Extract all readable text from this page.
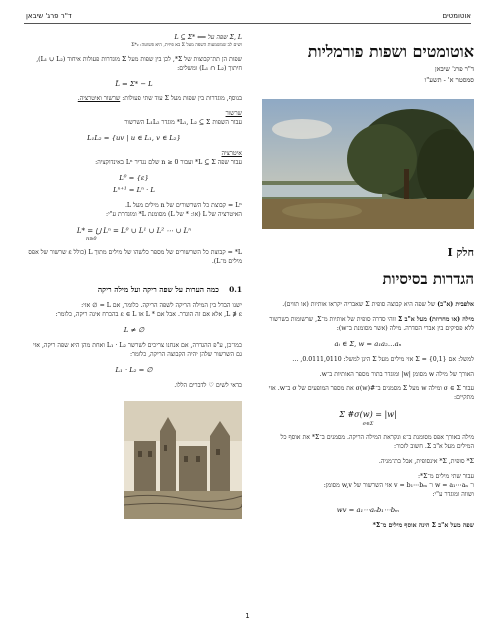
ד"ר פרג' שיבאן	אוטומטים
אוטומטים ושפות פורמליות
ד"ר פרג' שיבאן
סמסטר א' - תשע"ו
חלק I
הגדרות בסיסיות
אלפבית (א"ב) של שפה היא קבוצה סופית Σ שאבריה יקראו אותיות (או תווים).
מילה (או מחרוזת) מעל א"ב Σ זוהי סדרה סופית של אותיות מ־Σ, שרשומות בשרשור ללא פסיקים בין אברי הסדרה. מילה (אשר מסומנת ב־w):
aᵢ ∈ Σ, w = a₁a₂…aₙ
למשל: אם Σ = {0,1} אזי מילים מעל Σ הינן למשל: 0.0111,0110, …
האורך של מילה w מסומן |w| ומוגדר בתור מספר האותיות ב־w.
עבור σ ∈ Σ ומילה w מעל Σ מסמנים ב־#σ(w) את מספר המופעים של σ ב־w. אזי מתקיים:
Σ #σ(w) = |w|
σ∈Σ
מילה באורך אפס מסומנת ב־ε ונקראת המילה הריקה. מסמנים ב־Σ* את אוסף כל המילים מעל א"ב Σ. חשוב לזכור:
Σ* סופית, Σ* אינסופית, אבל בת־מניה.
עבור שתי מילים מ־Σ*:
ו־ w = a₁⋯aₙ ו־ v = b₁⋯bₘ אזי השרשור של w,v מסומן:
ושווה ומוגדר ע"י:
wv = a₁⋯aₙb₁⋯bₘ
שפה מעל א"ב Σ הינה אוסף מילים מ־Σ*
L ⊆ Σ* ⟸ שפה על Σ, L
ושים לב שמשמעות השפה מעל Σ בא פיזית, היא פשוטה: Σ*₂
שפות הן תת־קבוצות של Σ*, לכן בין שפות מעל Σ מוגדרות פעולות איחוד (L₁ ∪ L₂), חיתוך (L₁ ∩ L₂) ומשלים:
L̄ = Σ* − L
בנוסף, מוגדרות בין שפות מעל Σ עוד שתי פעולות: שרשור ואיטרציה.
שרשור
עבור השפות L₁, L₂ ⊆ Σ* מוגדר L₁L₂ השרשור
L₁L₂ = {uv | u ∈ L₁, v ∈ L₂}
איטרציה
עבור שפה L ⊆ Σ* ועבור n ≥ 0 שלם נגדיר Lⁿ באינדוקציה:
L⁰ = {ε}
Lⁿ⁺¹ = Lⁿ · L
Lⁿ = קבוצת כל השרשורים של n מילים מעל L.
האיטרציה של L (או: * של L) מסומנת L* ומוגדרת ע"י:
L* = ⋃ Lⁿ = L⁰ ∪ L¹ ∪ L² ⋯ ∪ Lⁿ
n≥0
L* = קבוצת כל השרשורים של מספר כלשהו של מילים מתוך L (כולל ε שרשור של אפס מילים מ־L).
0.1    כמה הערות על שפה ריקה ועל מילה ריקה
ישנו הבדל בין המילה הריקה לשפה הריקה. כלומר, אם L = ∅ אזי:
L ∌ ε, אלא אם זה הוגדר. אבל אם * L אז ε ∈ L בהכרח אינה ריקה, כלומר:
L ≠ ∅
כמו־כן, ע"פ ההגדרה, אם אנחנו צריכים לשרשר L₁ · L₂ ואחת מהן היא שפה ריקה, אזי גם השרשור שלהן יהיה הקבוצה הריקה, כלומר:
L₁ · L₂ = ∅
כדאי לשים ♡ לדברים הללו.
1
